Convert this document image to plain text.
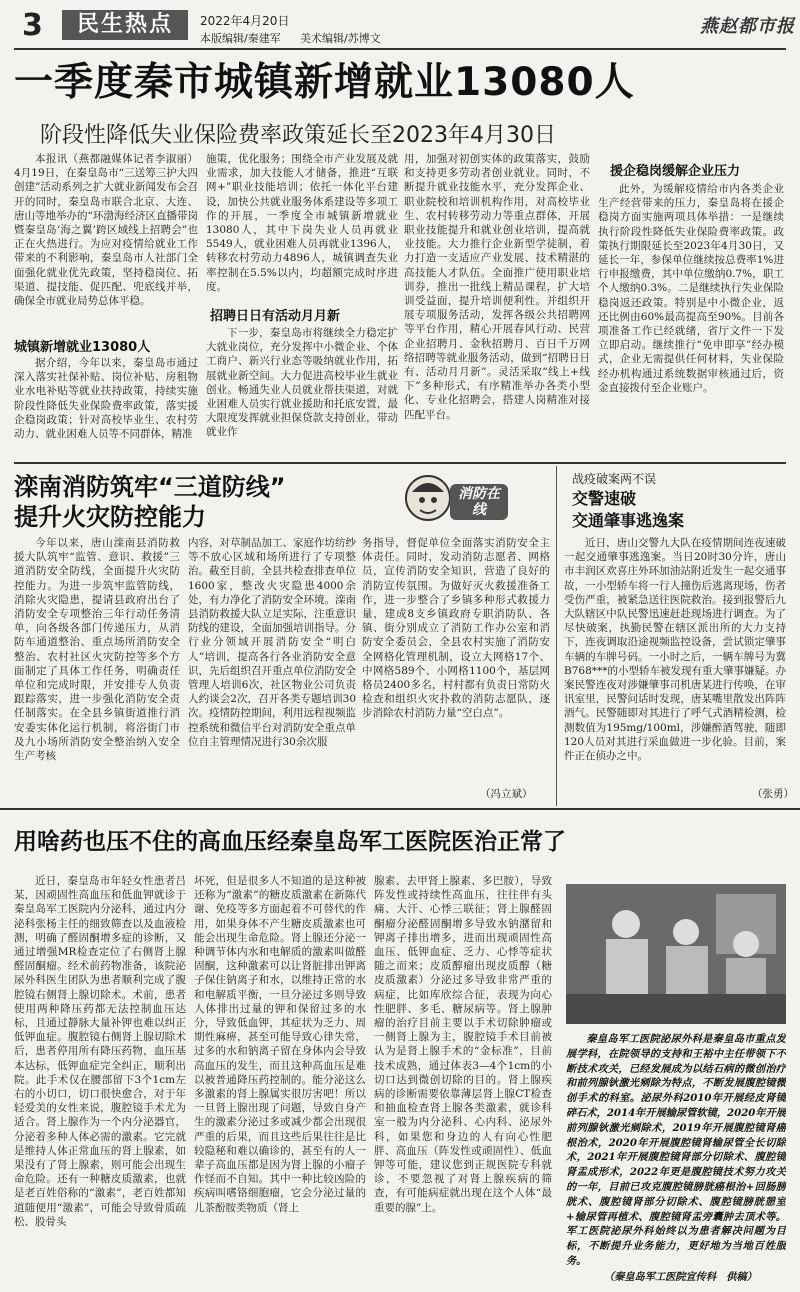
3	民生热点	2022年4月20日
本版编辑/秦建军 美术编辑/苏博文
燕赵都市报
一季度秦市城镇新增就业13080人
阶段性降低失业保险费率政策延长至2023年4月30日

本报讯（燕都融媒体记者李淑丽）4月19日，在秦皇岛市“三送筹三护大四创建”活动系列之扩大就业新闻发布会召开的同时，秦皇岛市联合北京、大连、唐山等地举办的“环渤海经济区直播带岗暨秦皇岛‘海之翼’跨区域线上招聘会”也正在火热进行。为应对疫情给就业工作带来的不利影响，秦皇岛市人社部门全面强化就业优先政策，坚持稳岗位、拓渠道、提技能、促匹配、兜底线并举，确保全市就业局势总体平稳。

城镇新增就业13080人

据介绍，今年以来，秦皇岛市通过深入落实社保补贴、岗位补贴、房租物业水电补贴等就业扶持政策，持续实施阶段性降低失业保险费率政策，落实援企稳岗政策；针对高校毕业生、农村劳动力、就业困难人员等不同群体，精准

施策，优化服务；围绕全市产业发展及就业需求，加大技能人才储备，推进“互联网+”职业技能培训；依托一体化平台建设，加快公共就业服务体系建设等多项工作的开展，一季度全市城镇新增就业13080人，其中下岗失业人员再就业5549人，就业困难人员再就业1396人，转移农村劳动力4896人，城镇调查失业率控制在5.5%以内，均超额完成时序进度。

招聘日日有活动月月新

下一步，秦皇岛市将继续全力稳定扩大就业岗位，充分发挥中小微企业、个体工商户、新兴行业态等吸纳就业作用，拓展就业新空间。大力促进高校毕业生就业创业。畅通失业人员就业帮扶渠道，对就业困难人员实行就业援助和托底安置，最大限度发挥就业担保贷款支持创业，带动就业作

用，加强对初创实体的政策落实，鼓励和支持更多劳动者创业就业。同时，不断提升就业技能水平，充分发挥企业、职业院校和培训机构作用，对高校毕业生、农村转移劳动力等重点群体，开展职业技能提升和就业创业培训，提高就业技能。大力推行企业新型学徒制，着力打造一支适应产业发展、技术精湛的高技能人才队伍。全面推广使用职业培训券，推出一批线上精品课程，扩大培训受益面，提升培训便利性。并组织开展专项服务活动，发挥各级公共招聘网等平台作用，精心开展春风行动、民营企业招聘月、金秋招聘月、百日千万网络招聘等就业服务活动，做到“招聘日日有、活动月月新”。灵活采取“线上+线下”多种形式，有序精准举办各类小型化、专业化招聘会，搭建人岗精准对接匹配平台。

援企稳岗缓解企业压力

此外，为缓解疫情给市内各类企业生产经营带来的压力，秦皇岛将在援企稳岗方面实施两项具体举措：一是继续执行阶段性降低失业保险费率政策。政策执行期限延长至2023年4月30日，又延长一年，参保单位继续按总费率1%进行申报缴费，其中单位缴纳0.7%，职工个人缴纳0.3%。二是继续执行失业保险稳岗返还政策。特别是中小微企业，返还比例由60%最高提高至90%。目前各项准备工作已经就绪，省厅文件一下发立即启动。继续推行“免申即享”经办模式，企业无需提供任何材料，失业保险经办机构通过系统数据审核通过后，资金直接拨付至企业账户。

滦南消防筑牢“三道防线”
提升火灾防控能力
消防在线

今年以来，唐山滦南县消防救援大队筑牢“监管、意识、救援”三道消防安全防线，全面提升火灾防控能力。为进一步筑牢监管防线，消除火灾隐患，提请县政府出台了消防安全专项整治三年行动任务清单，向各级各部门传递压力，从消防车通道整治、重点场所消防安全整治、农村社区火灾防控等多个方面制定了具体工作任务，明确责任单位和完成时限，并安排专人负责跟踪落实，进一步强化消防安全责任制落实。在全县乡镇街道推行消安委实体化运行机制，将浴街门市及九小场所消防安全整治纳入安全生产考核

内容，对草制品加工、家庭作坊纺纱等不放心区域和场所进行了专项整治。截至目前，全县共检查排查单位1600家，整改火灾隐患4000余处，有力净化了消防安全环境。滦南县消防救援大队立足实际，注重意识防线的建设，全面加强培训指导。分行业分领域开展消防安全“明白人”培训，提高各行各业消防安全意识，先后组织召开重点单位消防安全管理人培训6次，社区物业公司负责人约谈会2次，召开各类专题培训30次。疫情防控期间，利用远程视频监控系统和微信平台对消防安全重点单位自主管理情况进行30余次服

务指导，督促单位全面落实消防安全主体责任。同时，发动消防志愿者、网格员，宣传消防安全知识，营造了良好的消防宣传氛围。为做好灭火救援准备工作，进一步整合了乡镇多种形式救援力量，建成8支乡镇政府专职消防队、各镇、街分别成立了消防工作办公室和消防安全委员会，全县农村实施了消防安全网格化管理机制，设立大网格17个、中网格589个、小网格1100个，基层网格员2400多名，村村都有负责日常防火检查和组织火灾扑救的消防志愿队，逐步消除农村消防力量“空白点”。

（冯立斌）
战疫破案两不误
交警速破
交通肇事逃逸案

近日，唐山交警九大队在疫情期间连夜速破一起交通肇事逃逸案。当日20时30分许，唐山市丰润区欢喜庄外环加油站附近发生一起交通事故，一小型轿车将一行人撞伤后逃离现场，伤者受伤严重，被紧急送往医院救治。接到报警后九大队辖区中队民警迅速赶赴现场进行调查。为了尽快破案，执勤民警在辖区派出所的大力支持下，连夜调取沿途视频监控设备，尝试锁定肇事车辆的车牌号码。一小时之后，一辆车牌号为冀B768***的小型轿车被发现有重大肇事嫌疑。办案民警连夜对涉嫌肇事司机唐某进行传唤，在审讯室里，民警问话时发现，唐某嘴里散发出阵阵酒气。民警随即对其进行了呼气式酒精检测，检测数值为195mg/100ml，涉嫌醉酒驾驶，随即120人员对其进行采血做进一步化验。目前，案件正在侦办之中。

（张勇）
用啥药也压不住的高血压经秦皇岛军工医院医治正常了

近日，秦皇岛市年轻女性患者吕某，因顽固性高血压和低血钾就诊于秦皇岛军工医院内分泌科，通过内分泌科张杨主任的细致筛查以及血液检测，明确了醛固酮增多症的诊断，又通过增强MR检查定位了右侧肾上腺醛固酮瘤。经术前药物准备，该院泌尿外科医生团队为患者顺利完成了腹腔镜右侧肾上腺切除术。术前，患者使用两种降压药都无法控制血压达标，且通过静脉大量补钾也难以纠正低钾血症。腹腔镜右侧肾上腺切除术后，患者停用所有降压药物，血压基本达标，低钾血症完全纠正，顺利出院。此手术仅在腰部留下3个1cm左右的小切口，切口很快愈合，对于年轻爱美的女性来说，腹腔镜手术尤为适合。肾上腺作为一个内分泌器官，分泌着多种人体必需的激素。它完就是维持人体正常血压的肾上腺素，如果没有了肾上腺素，则可能会出现生命危险。还有一种糖皮质激素，也就是老百姓俗称的“激素”，老百姓都知道随便用“激素”，可能会导致骨质疏松、股骨头

坏死，但是很多人不知道的是这种被还称为“激素”的糖皮质激素在新陈代谢、免疫等多方面起着不可替代的作用，如果身体不产生糖皮质激素也可能会出现生命危险。肾上腺还分泌一种调节体内水和电解质的激素叫做醛固酮，这种激素可以让肾脏排出钾离子保住钠离子和水，以维持正常的水和电解质平衡，一旦分泌过多则导致人体排出过量的钾和保留过多的水分，导致低血钾，其症状为乏力、周期性麻痹，甚至可能导致心律失常，过多的水和钠离子留在身体内会导致高血压的发生，而且这种高血压是难以被普通降压药控制的。能分泌这么多激素的肾上腺属实很厉害吧！所以一旦肾上腺出现了问题，导致自身产生的激素分泌过多或减少都会出现很严重的后果，而且这些后果往往是比较隐秘和难以确诊的，甚至有的人一辈子高血压都是因为肾上腺的小瘤子作怪而不自知。其中一种比较凶险的疾病叫嗜铬细胞瘤，它会分泌过量的儿茶酚胺类物质（肾上

腺素、去甲肾上腺素、多巴胺），导致阵发性或持续性高血压，往往伴有头痛、大汗、心悸三联征；肾上腺醛固酮瘤分泌醛固酮增多导致水钠潴留和钾离子排出增多，进而出现顽固性高血压、低钾血症、乏力、心悸等症状随之而来；皮质醇瘤出现皮质醇（糖皮质激素）分泌过多导致非常严重的病症，比如库欣综合征，表现为向心性肥胖、多毛、糖尿病等。肾上腺肿瘤的治疗目前主要以手术切除肿瘤或一侧肾上腺为主，腹腔镜手术目前被认为是肾上腺手术的“金标准”，目前技术成熟，通过体表3—4个1cm的小切口达到微创切除的目的。肾上腺疾病的诊断需要依靠薄层肾上腺CT检查和抽血检查肾上腺各类激素，就诊科室一般为内分泌科、心内科、泌尿外科，如果您和身边的人有向心性肥胖、高血压（阵发性或顽固性）、低血钾等可能，建议您到正规医院专科就诊，不要忽视了对肾上腺疾病的筛查，有可能病症就出现在这个人体“最重要的腺”上。

秦皇岛军工医院泌尿外科是秦皇岛市重点发展学科，在院领导的支持和王裕中主任带领下不断技术攻关，已经发展成为以结石病的微创治疗和前列腺钬激光剜除为特点，不断发展腹腔镜微创手术的科室。泌尿外科2010年开展经皮肾镜碎石术，2014年开展输尿管软镜，2020年开展前列腺钬激光剜除术，2019年开展腹腔镜肾癌根治术，2020年开展腹腔镜肾输尿管全长切除术，2021年开展腹腔镜肾部分切除术、腹腔镜肾盂成形术，2022年更是腹腔镜技术努力攻关的一年，目前已攻克腹腔镜膀胱癌根治+回肠膀胱术、腹腔镜肾部分切除术、腹腔镜膀胱憩室+输尿管再植术、腹腔镜肾盂旁囊肿去顶术等。军工医院泌尿外科始终以为患者解决问题为目标，不断提升业务能力，更好地为当地百姓服务。

（秦皇岛军工医院宣传科　供稿）
